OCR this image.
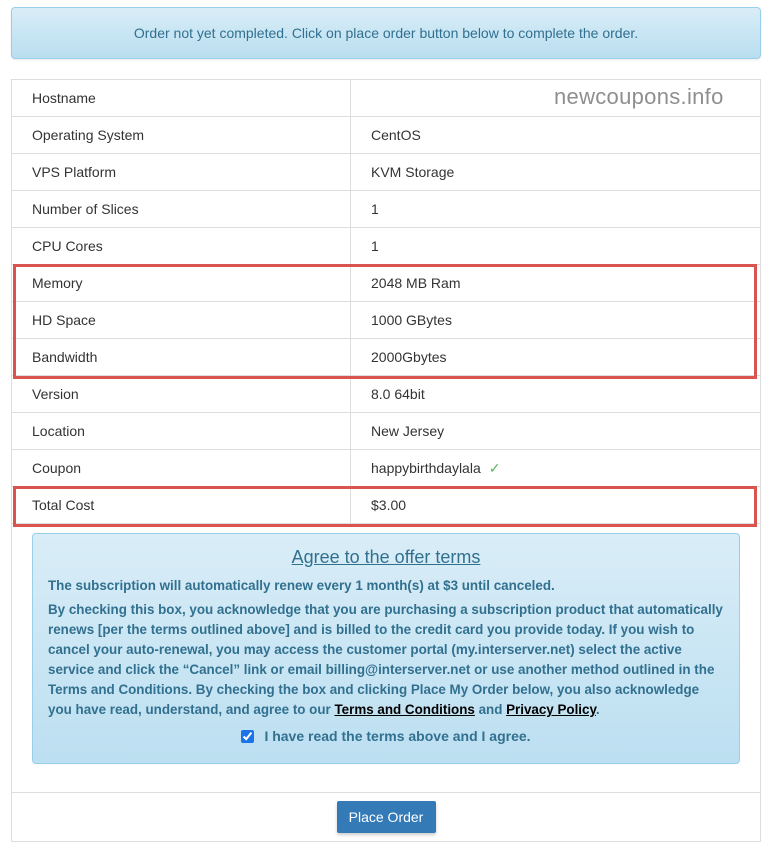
Order not yet completed. Click on place order button below to complete the order.
Hostname	
Operating System	CentOS
VPS Platform	KVM Storage
Number of Slices	1
CPU Cores	1
Memory	2048 MB Ram
HD Space	1000 GBytes
Bandwidth	2000Gbytes
Version	8.0 64bit
Location	New Jersey
Coupon	happybirthdaylala ✓
Total Cost	$3.00
newcoupons.info
Agree to the offer terms

The subscription will automatically renew every 1 month(s) at $3 until canceled.

By checking this box, you acknowledge that you are purchasing a subscription product that automatically renews [per the terms outlined above] and is billed to the credit card you provide today. If you wish to cancel your auto-renewal, you may access the customer portal (my.interserver.net) select the active service and click the “Cancel” link or email billing@interserver.net or use another method outlined in the Terms and Conditions. By checking the box and clicking Place My Order below, you also acknowledge you have read, understand, and agree to our Terms and Conditions and Privacy Policy.

I have read the terms above and I agree.
Place Order
